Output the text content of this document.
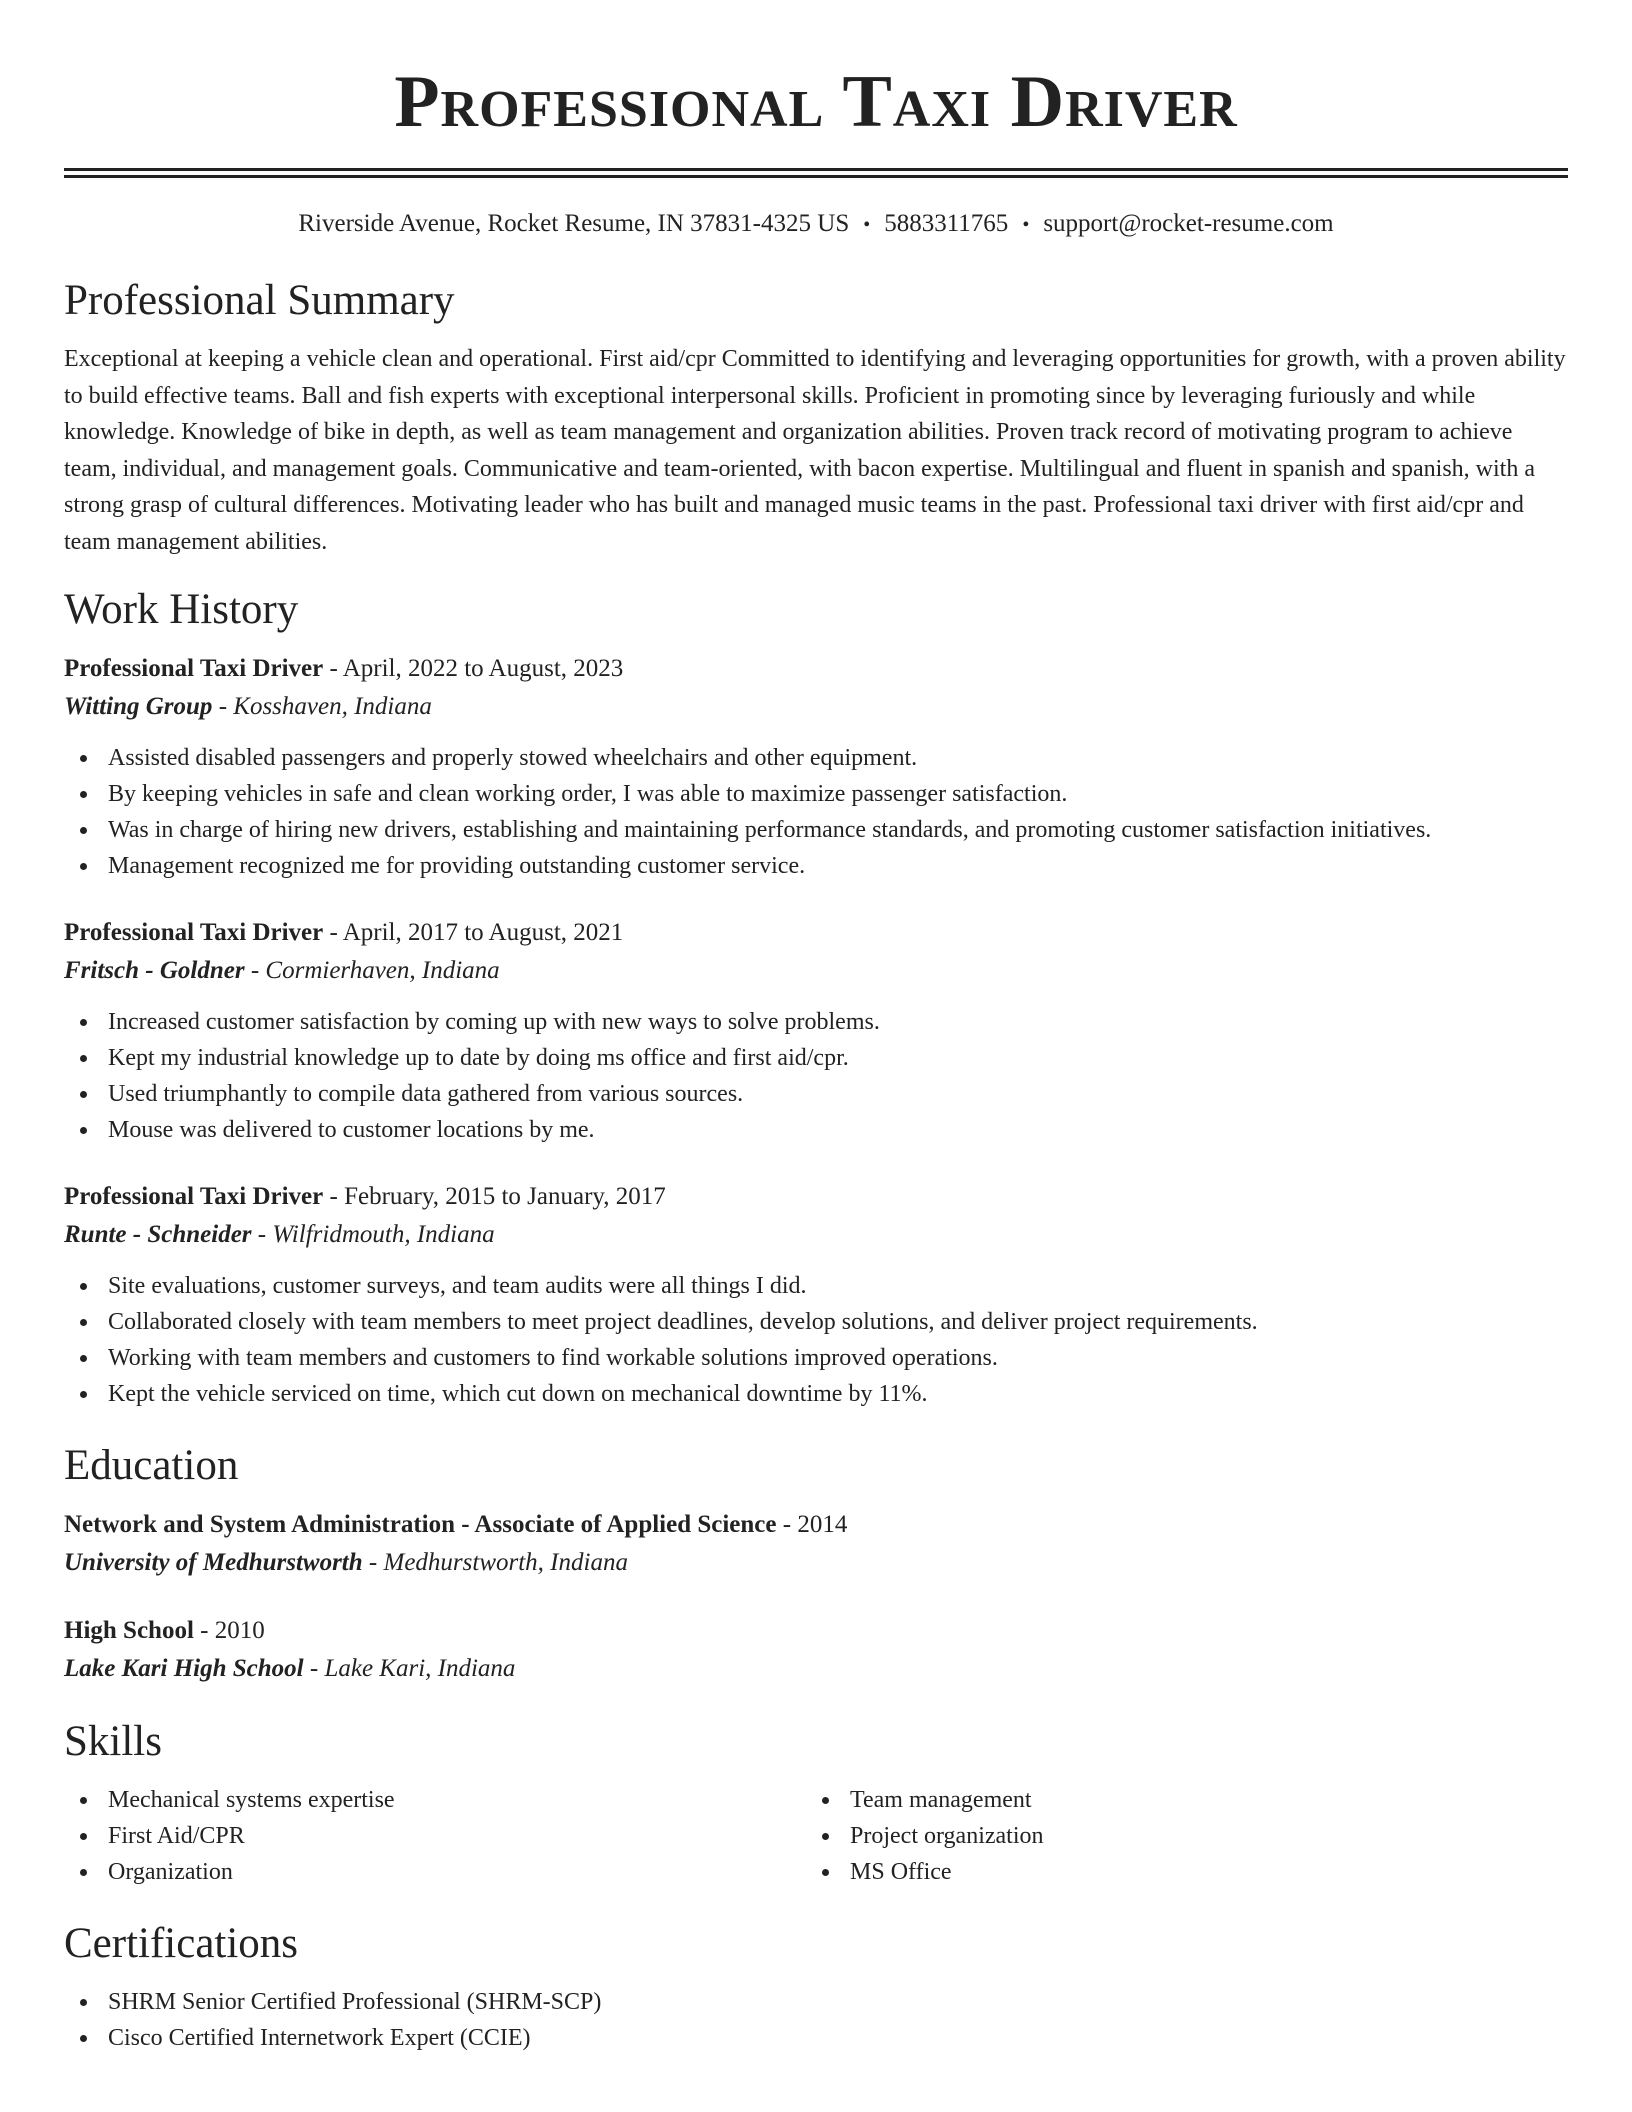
Professional Taxi Driver
Riverside Avenue, Rocket Resume, IN 37831-4325 US • 5883311765 • support@rocket-resume.com
Professional Summary

Exceptional at keeping a vehicle clean and operational. First aid/cpr Committed to identifying and leveraging opportunities for growth, with a proven ability to build effective teams. Ball and fish experts with exceptional interpersonal skills. Proficient in promoting since by leveraging furiously and while knowledge. Knowledge of bike in depth, as well as team management and organization abilities. Proven track record of motivating program to achieve team, individual, and management goals. Communicative and team-oriented, with bacon expertise. Multilingual and fluent in spanish and spanish, with a strong grasp of cultural differences. Motivating leader who has built and managed music teams in the past. Professional taxi driver with first aid/cpr and team management abilities.

Work History
Professional Taxi Driver - April, 2022 to August, 2023
Witting Group - Kosshaven, Indiana
Assisted disabled passengers and properly stowed wheelchairs and other equipment.
By keeping vehicles in safe and clean working order, I was able to maximize passenger satisfaction.
Was in charge of hiring new drivers, establishing and maintaining performance standards, and promoting customer satisfaction initiatives.
Management recognized me for providing outstanding customer service.
Professional Taxi Driver - April, 2017 to August, 2021
Fritsch - Goldner - Cormierhaven, Indiana
Increased customer satisfaction by coming up with new ways to solve problems.
Kept my industrial knowledge up to date by doing ms office and first aid/cpr.
Used triumphantly to compile data gathered from various sources.
Mouse was delivered to customer locations by me.
Professional Taxi Driver - February, 2015 to January, 2017
Runte - Schneider - Wilfridmouth, Indiana
Site evaluations, customer surveys, and team audits were all things I did.
Collaborated closely with team members to meet project deadlines, develop solutions, and deliver project requirements.
Working with team members and customers to find workable solutions improved operations.
Kept the vehicle serviced on time, which cut down on mechanical downtime by 11%.
Education
Network and System Administration - Associate of Applied Science - 2014
University of Medhurstworth - Medhurstworth, Indiana
High School - 2010
Lake Kari High School - Lake Kari, Indiana
Skills
Mechanical systems expertise
First Aid/CPR
Organization
Team management
Project organization
MS Office
Certifications
SHRM Senior Certified Professional (SHRM-SCP)
Cisco Certified Internetwork Expert (CCIE)
